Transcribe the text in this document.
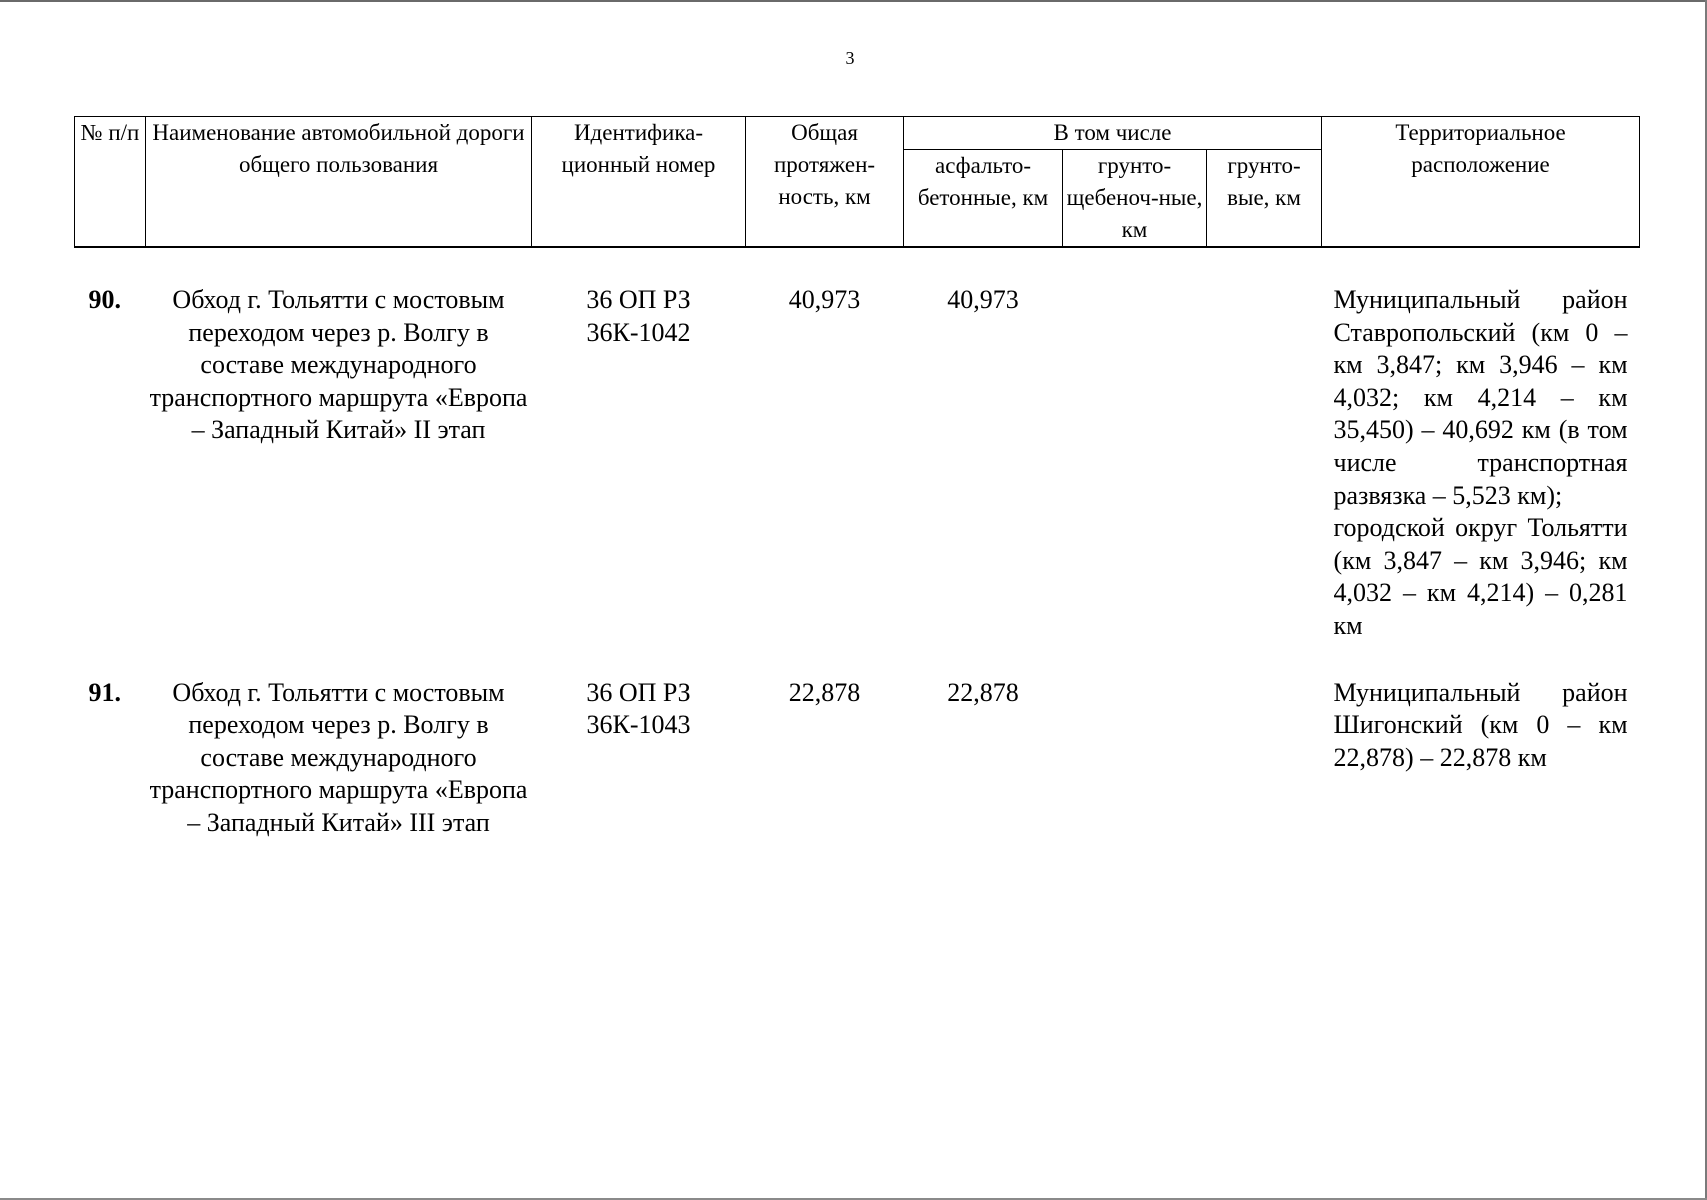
3
№ п/п	Наименование автомобильной дороги общего пользования	Идентифика-ционный номер	Общая протяжен-ность, км	В том числе			Территориальное расположение
				асфальто-бетонные, км	грунто-щебеноч-ные, км	грунто-вые, км	
90.	Обход г. Тольятти с мостовым переходом через р. Волгу в составе международного транспортного маршрута «Европа – Западный Китай» II этап	36 ОП РЗ 36К-1042	40,973	40,973			Муниципальный район Ставропольский (км 0 – км 3,847; км 3,946 – км 4,032; км 4,214 – км 35,450) – 40,692 км (в том числе транспортная развязка – 5,523 км);
городской округ Тольятти (км 3,847 – км 3,946; км 4,032 – км 4,214) – 0,281 км

91.	Обход г. Тольятти с мостовым переходом через р. Волгу в составе международного транспортного маршрута «Европа – Западный Китай» III этап	36 ОП РЗ 36К-1043	22,878	22,878			Муниципальный район Шигонский (км 0 – км 22,878) – 22,878 км
